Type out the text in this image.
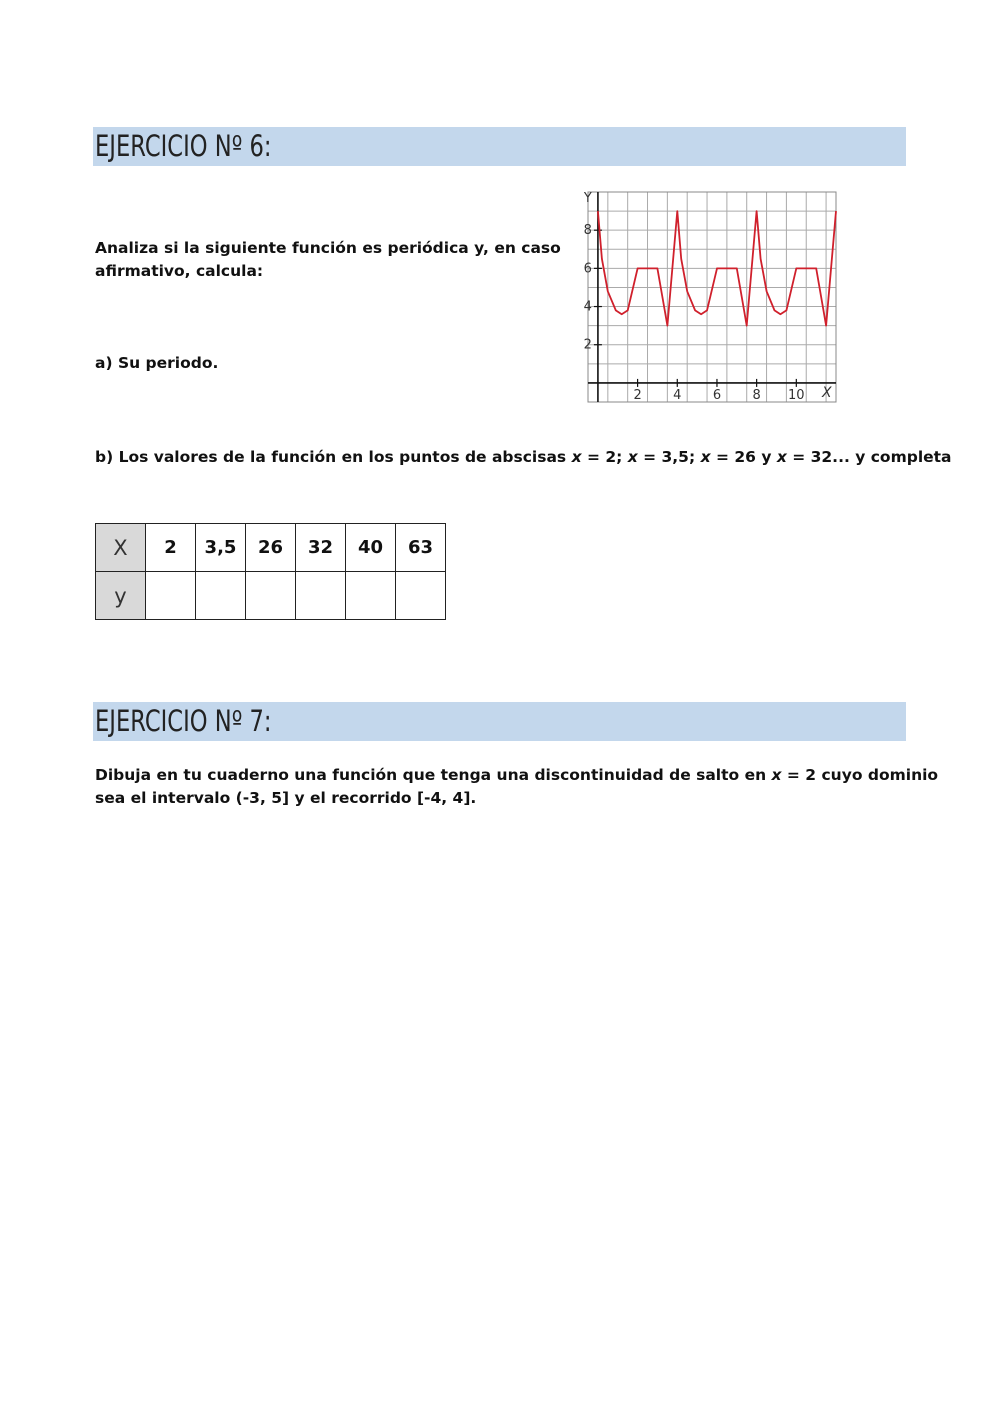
EJERCICIO Nº 6:
Analiza si la siguiente función es periódica y, en caso
afirmativo, calcula:
a) Su periodo.
2 4 6 8 10
2
4
6
8
Y
X
b) Los valores de la función en los puntos de abscisas x = 2; x = 3,5; x = 26 y x = 32... y completa
X	2	3,5	26	32	40	63
y						
EJERCICIO Nº 7:
Dibuja en tu cuaderno una función que tenga una discontinuidad de salto en x = 2 cuyo dominio
sea el intervalo (-3, 5] y el recorrido [-4, 4].
